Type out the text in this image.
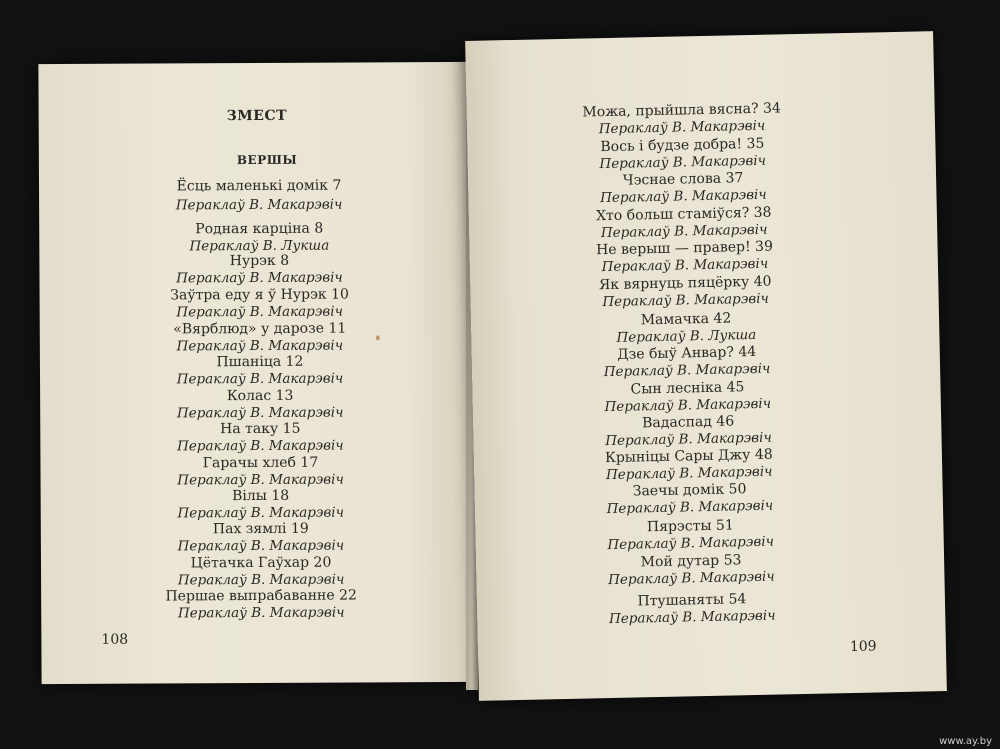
ЗМЕСТ
ВЕРШЫ
Ёсць маленькі домік 7
Пераклаў В. Макарэвіч
Родная карціна 8
Пераклаў В. Лукша
Нурэк 8
Пераклаў В. Макарэвіч
Заўтра еду я ў Нурэк 10
Пераклаў В. Макарэвіч
«Вярблюд» у дарозе 11
Пераклаў В. Макарэвіч
Пшаніца 12
Пераклаў В. Макарэвіч
Колас 13
Пераклаў В. Макарэвіч
На таку 15
Пераклаў В. Макарэвіч
Гарачы хлеб 17
Пераклаў В. Макарэвіч
Вілы 18
Пераклаў В. Макарэвіч
Пах зямлі 19
Пераклаў В. Макарэвіч
Цётачка Гаўхар 20
Пераклаў В. Макарэвіч
Першае выпрабаванне 22
Пераклаў В. Макарэвіч
108
Можа, прыйшла вясна? 34
Пераклаў В. Макарэвіч
Вось і будзе добра! 35
Пераклаў В. Макарэвіч
Чэснае слова 37
Пераклаў В. Макарэвіч
Хто больш стаміўся? 38
Пераклаў В. Макарэвіч
Не верыш — правер! 39
Пераклаў В. Макарэвіч
Як вярнуць пяцёрку 40
Пераклаў В. Макарэвіч
Мамачка 42
Пераклаў В. Лукша
Дзе быў Анвар? 44
Пераклаў В. Макарэвіч
Сын лесніка 45
Пераклаў В. Макарэвіч
Вадаспад 46
Пераклаў В. Макарэвіч
Крыніцы Сары Джу 48
Пераклаў В. Макарэвіч
Заечы домік 50
Пераклаў В. Макарэвіч
Пярэсты 51
Пераклаў В. Макарэвіч
Мой дутар 53
Пераклаў В. Макарэвіч
Птушаняты 54
Пераклаў В. Макарэвіч
109
www.ay.by
